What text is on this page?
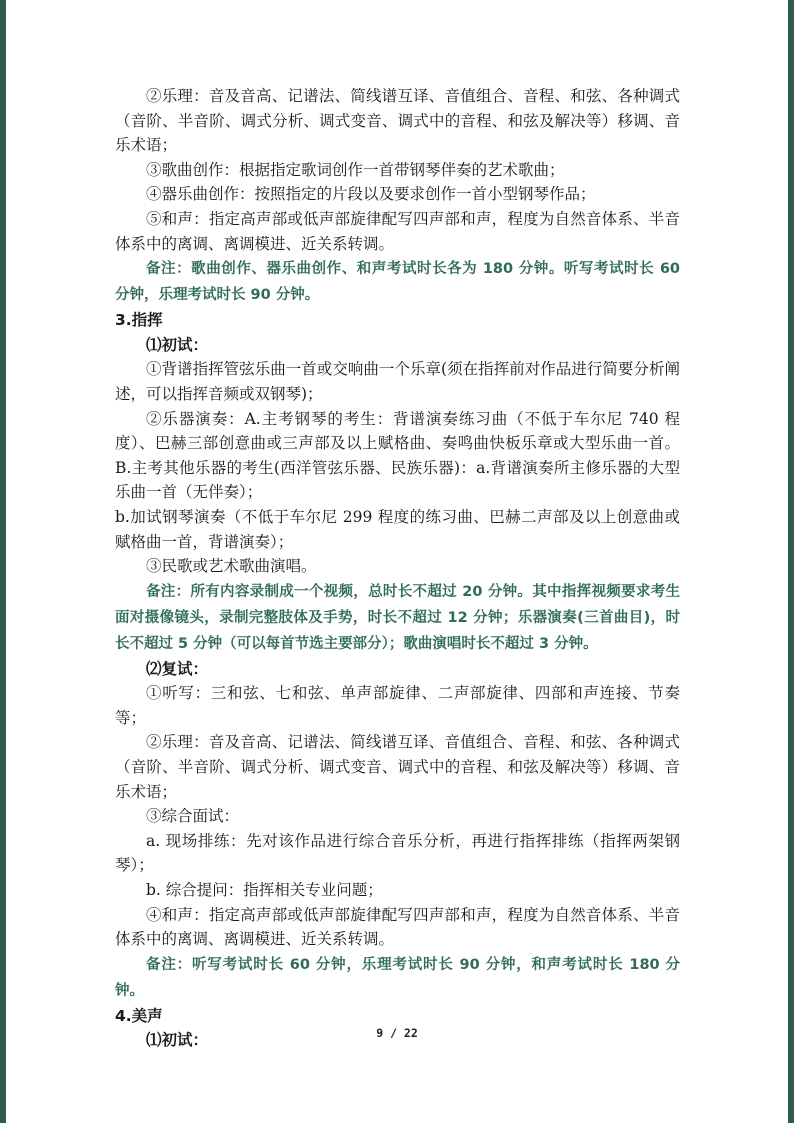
②乐理：音及音高、记谱法、简线谱互译、音值组合、音程、和弦、各种调式（音阶、半音阶、调式分析、调式变音、调式中的音程、和弦及解决等）移调、音乐术语；

③歌曲创作：根据指定歌词创作一首带钢琴伴奏的艺术歌曲；

④器乐曲创作：按照指定的片段以及要求创作一首小型钢琴作品；

⑤和声：指定高声部或低声部旋律配写四声部和声，程度为自然音体系、半音体系中的离调、离调模进、近关系转调。

备注：歌曲创作、器乐曲创作、和声考试时长各为 180 分钟。听写考试时长 60 分钟，乐理考试时长 90 分钟。

3.指挥

⑴初试：

①背谱指挥管弦乐曲一首或交响曲一个乐章(须在指挥前对作品进行简要分析阐述，可以指挥音频或双钢琴)；

②乐器演奏：A.主考钢琴的考生：背谱演奏练习曲（不低于车尔尼 740 程度）、巴赫三部创意曲或三声部及以上赋格曲、奏鸣曲快板乐章或大型乐曲一首。B.主考其他乐器的考生(西洋管弦乐器、民族乐器)：a.背谱演奏所主修乐器的大型乐曲一首（无伴奏）；

b.加试钢琴演奏（不低于车尔尼 299 程度的练习曲、巴赫二声部及以上创意曲或赋格曲一首，背谱演奏）；

③民歌或艺术歌曲演唱。

备注：所有内容录制成一个视频，总时长不超过 20 分钟。其中指挥视频要求考生面对摄像镜头，录制完整肢体及手势，时长不超过 12 分钟；乐器演奏(三首曲目)，时长不超过 5 分钟（可以每首节选主要部分）；歌曲演唱时长不超过 3 分钟。

⑵复试：

①听写：三和弦、七和弦、单声部旋律、二声部旋律、四部和声连接、节奏等；

②乐理：音及音高、记谱法、简线谱互译、音值组合、音程、和弦、各种调式（音阶、半音阶、调式分析、调式变音、调式中的音程、和弦及解决等）移调、音乐术语；

③综合面试：

a. 现场排练：先对该作品进行综合音乐分析，再进行指挥排练（指挥两架钢琴）；

b. 综合提问：指挥相关专业问题；

④和声：指定高声部或低声部旋律配写四声部和声，程度为自然音体系、半音体系中的离调、离调模进、近关系转调。

备注：听写考试时长 60 分钟，乐理考试时长 90 分钟，和声考试时长 180 分钟。

4.美声

⑴初试：	9 / 22
